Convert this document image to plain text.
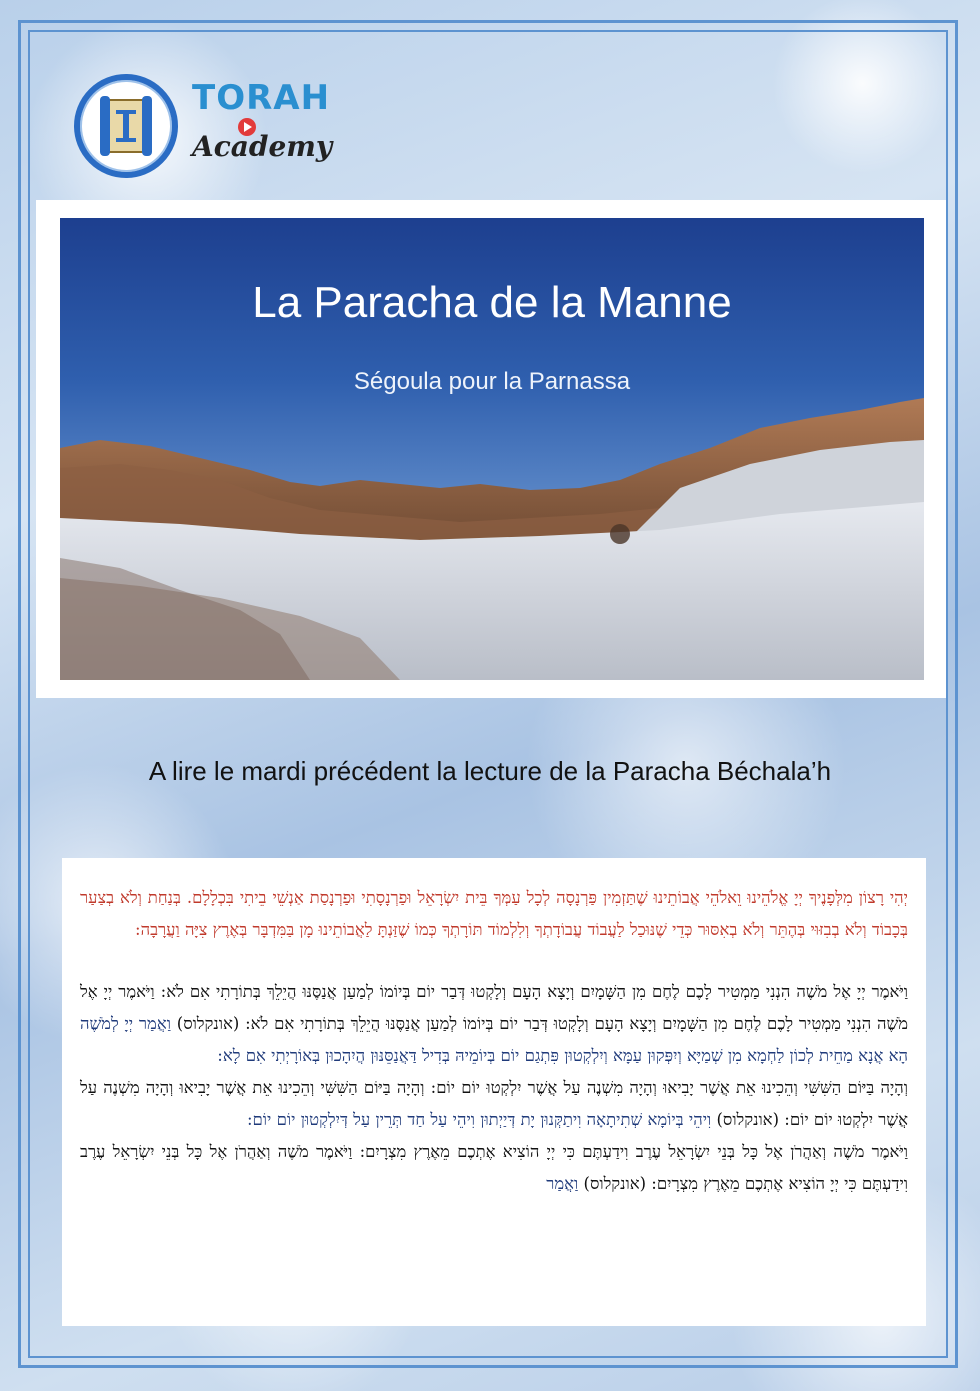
TORAH
Academy
La Paracha de la Manne
Ségoula pour la Parnassa
A lire le mardi précédent la lecture de la Paracha Béchala’h

יְהִי רָצוֹן מִלְּפָנֶיךָ יְיָ אֱלֹהֵינוּ וֵאלֹהֵי אֲבוֹתֵינוּ שֶׁתַּזְמִין פַּרְנָסָה לְכָל עַמְּךָ בֵּית יִשְׂרָאֵל וּפַרְנָסָתִי וּפַרְנָסַת אַנְשֵׁי בֵיתִי בִּכְלָלָם. בְּנַחַת וְלֹא בְצַעַר בְּכָבוֹד וְלֹא בְבִזּוּי בְּהֶתֵּר וְלֹא בְאִסּוּר כְּדֵי שֶׁנּוּכַל לַעֲבוֹד עֲבוֹדָתְךָ וְלִלְמוֹד תּוֹרָתְךָ כְּמוֹ שֶׁזַּנְתָּ לַאֲבוֹתֵינוּ מָן בַּמִּדְבָּר בְּאֶרֶץ צִיָּה וַעֲרָבָה:

וַיֹּאמֶר יְיָ אֶל מֹשֶׁה הִנְנִי מַמְטִיר לָכֶם לֶחֶם מִן הַשָּׁמָיִם וְיָצָא הָעָם וְלָקְטוּ דְּבַר יוֹם בְּיוֹמוֹ לְמַעַן אֲנַסֶּנּוּ הֲיֵלֵךְ בְּתוֹרָתִי אִם לֹא: וַיֹּאמֶר יְיָ אֶל מֹשֶׁה הִנְנִי מַמְטִיר לָכֶם לֶחֶם מִן הַשָּׁמָיִם וְיָצָא הָעָם וְלָקְטוּ דְּבַר יוֹם בְּיוֹמוֹ לְמַעַן אֲנַסֶּנּוּ הֲיֵלֵךְ בְּתוֹרָתִי אִם לֹא: (אונקלוס) וַאֲמַר יְיָ לְמֹשֶׁה הָא אֲנָא מַחֵית לְכוֹן לַחְמָא מִן שְׁמַיָּא וְיִפְּקוּן עַמָּא וְיִלְקְטוּן פִּתְגַם יוֹם בְּיוֹמֵיהּ בְּדִיל דַּאֲנַסֵּנּוּן הֲיִהָכוּן בְּאוֹרָיְתִי אִם לָא:

וְהָיָה בַּיּוֹם הַשִּׁשִּׁי וְהֵכִינוּ אֵת אֲשֶׁר יָבִיאוּ וְהָיָה מִשְׁנֶה עַל אֲשֶׁר יִלְקְטוּ יוֹם יוֹם: וְהָיָה בַּיּוֹם הַשִּׁשִּׁי וְהֵכִינוּ אֵת אֲשֶׁר יָבִיאוּ וְהָיָה מִשְׁנֶה עַל אֲשֶׁר יִלְקְטוּ יוֹם יוֹם: (אונקלוס) וִיהֵי בְּיוֹמָא שְׁתִיתָאָה וִיתַקְּנוּן יָת דְּיַיְתוּן וִיהֵי עַל חַד תְּרֵין עַל דְּיִלְקְטוּן יוֹם יוֹם:

וַיֹּאמֶר מֹשֶׁה וְאַהֲרֹן אֶל כָּל בְּנֵי יִשְׂרָאֵל עֶרֶב וִידַעְתֶּם כִּי יְיָ הוֹצִיא אֶתְכֶם מֵאֶרֶץ מִצְרָיִם: וַיֹּאמֶר מֹשֶׁה וְאַהֲרֹן אֶל כָּל בְּנֵי יִשְׂרָאֵל עֶרֶב וִידַעְתֶּם כִּי יְיָ הוֹצִיא אֶתְכֶם מֵאֶרֶץ מִצְרָיִם: (אונקלוס) וַאֲמַר
